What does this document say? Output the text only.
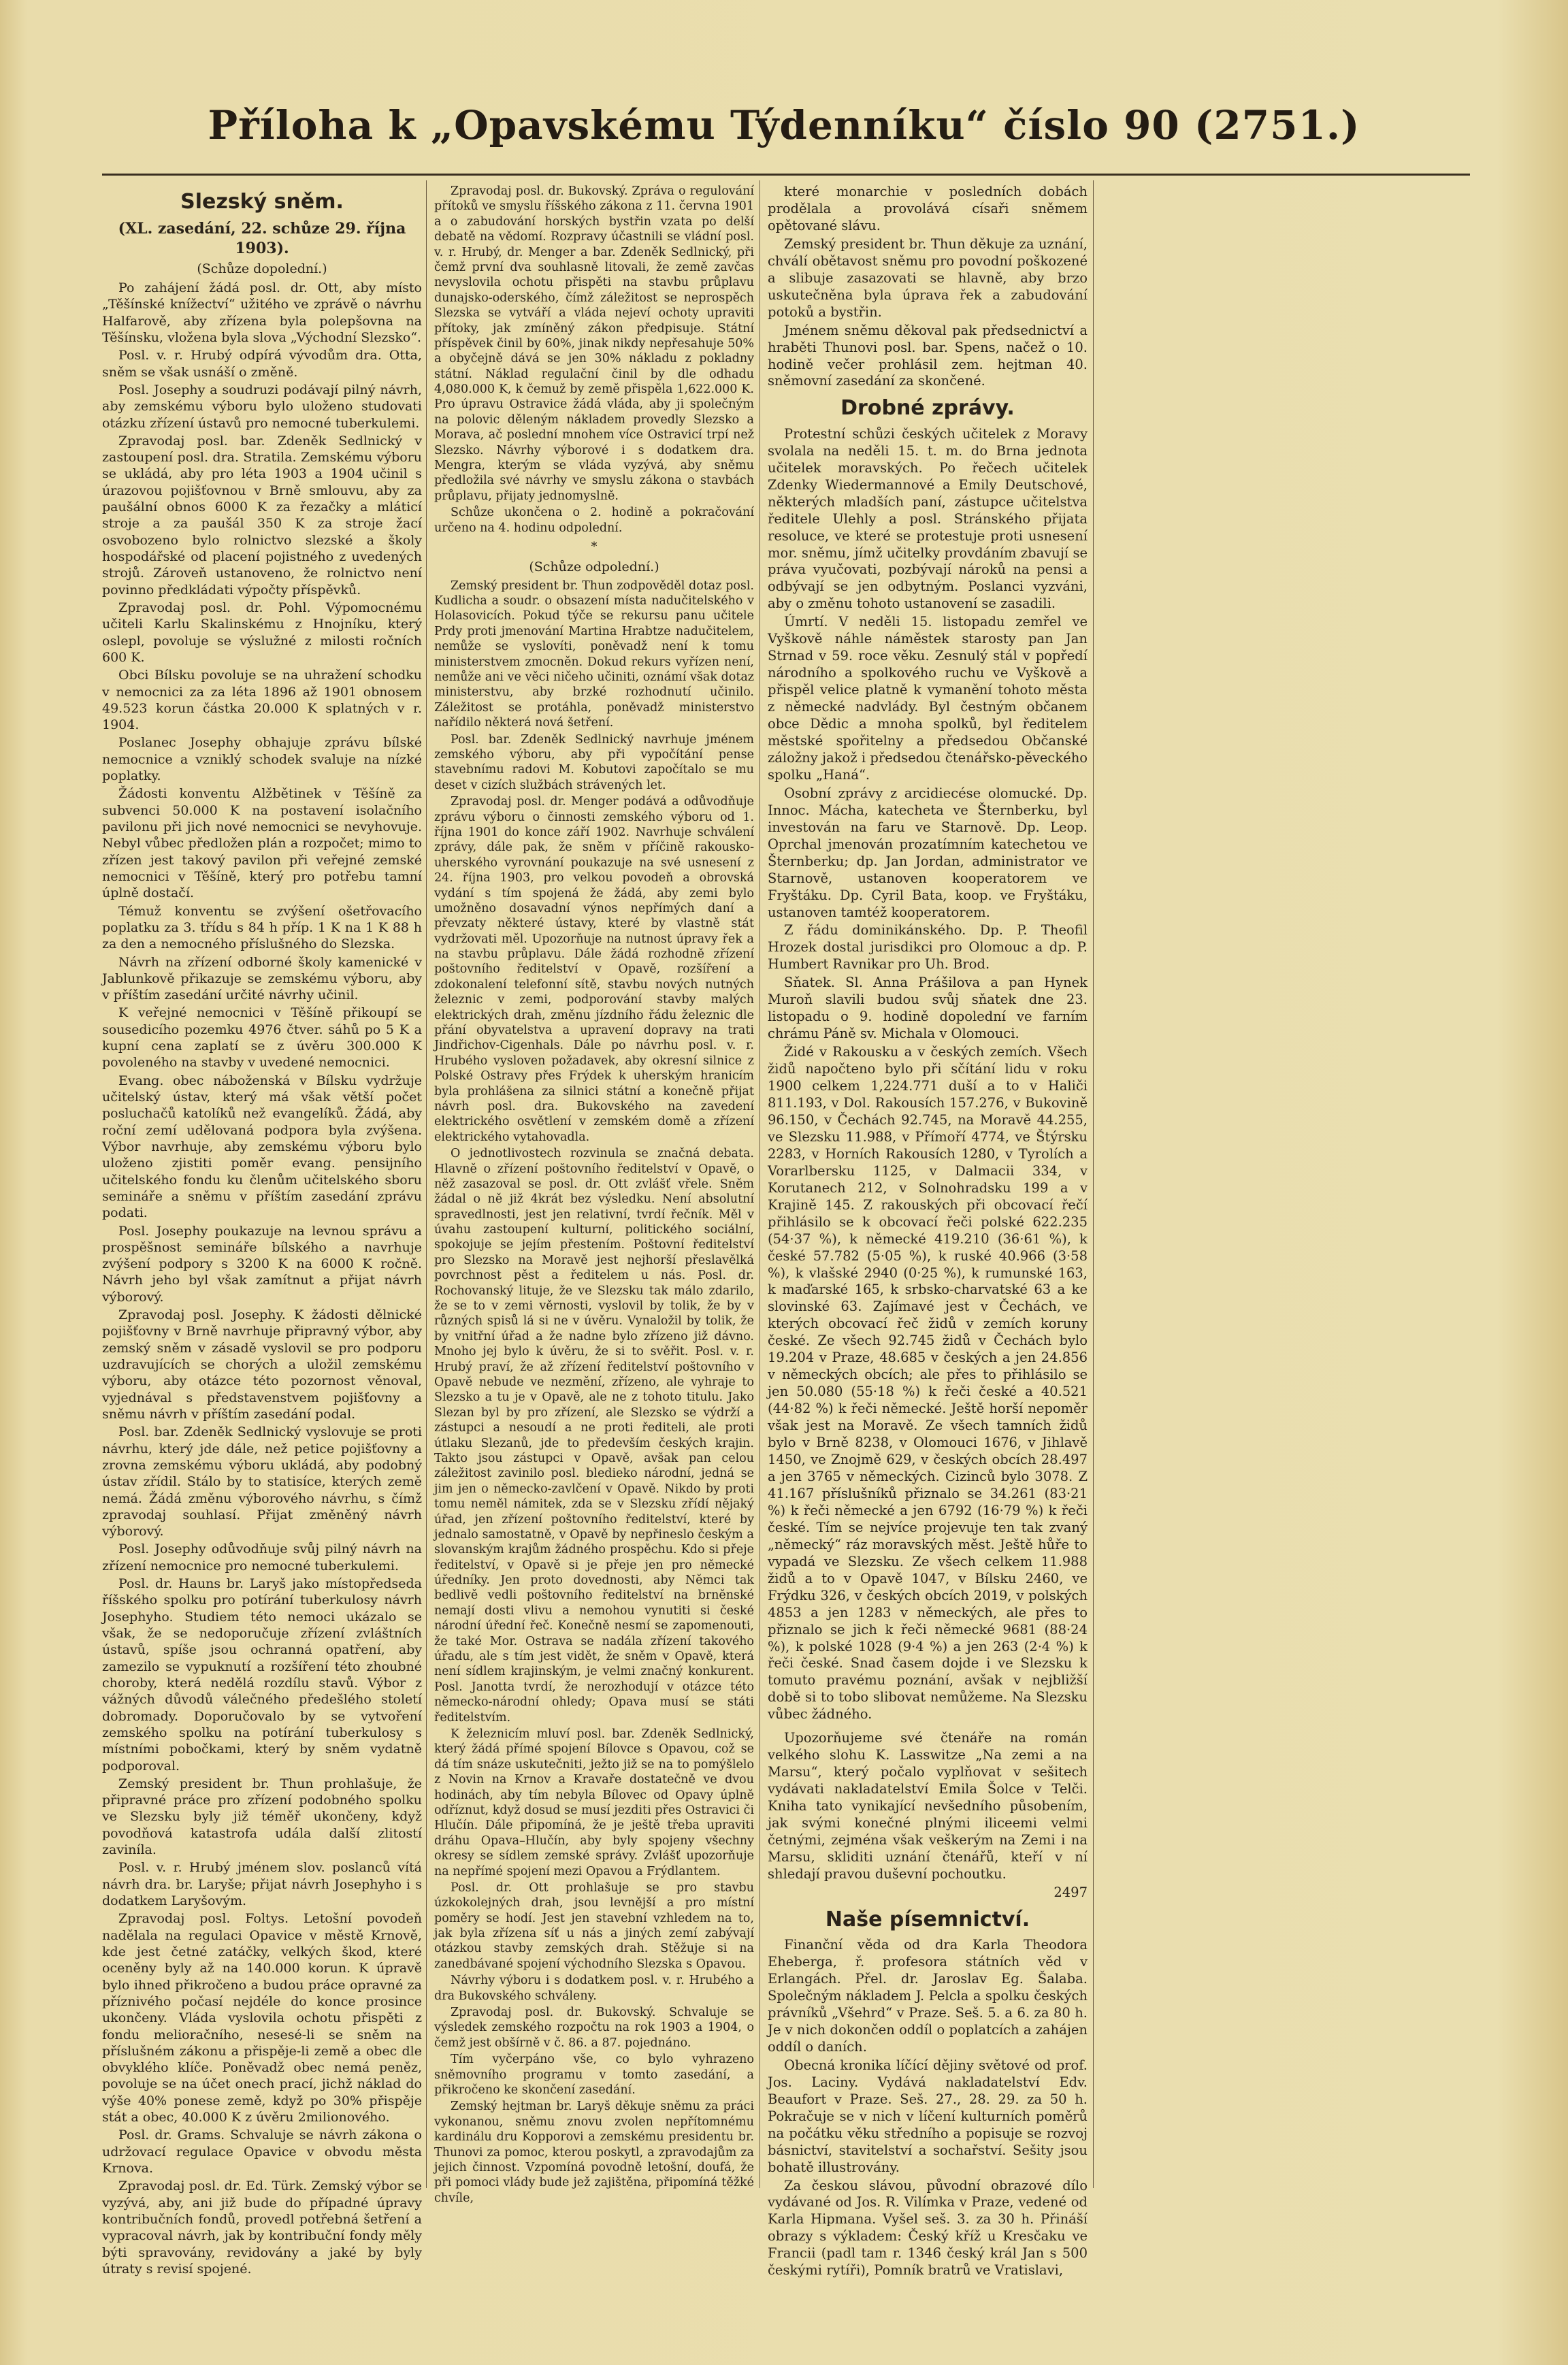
Příloha k „Opavskému Týdenníku“ číslo 90 (2751.)
Slezský sněm.
(XL. zasedání, 22. schůze 29. října 1903).
(Schůze dopolední.)

Po zahájení žádá posl. dr. Ott, aby místo „Těšínské knížectví“ užitého ve zprávě o návrhu Halfarově, aby zřízena byla polepšovna na Těšínsku, vložena byla slova „Východní Slezsko“.

Posl. v. r. Hrubý odpírá vývodům dra. Otta, sněm se však usnáší o změně.

Posl. Josephy a soudruzi podávají pilný návrh, aby zemskému výboru bylo uloženo studovati otázku zřízení ústavů pro nemocné tuberkulemi.

Zpravodaj posl. bar. Zdeněk Sedlnický v zastoupení posl. dra. Stratila. Zemskému výboru se ukládá, aby pro léta 1903 a 1904 učinil s úrazovou pojišťovnou v Brně smlouvu, aby za paušální obnos 6000 K za řezačky a mláticí stroje a za paušál 350 K za stroje žací osvobozeno bylo rolnictvo slezské a školy hospodářské od placení pojistného z uvedených strojů. Zároveň ustanoveno, že rolnictvo není povinno předkládati výpočty příspěvků.

Zpravodaj posl. dr. Pohl. Výpomocnému učiteli Karlu Skalinskému z Hnojníku, který oslepl, povoluje se výslužné z milosti ročních 600 K.

Obci Bílsku povoluje se na uhražení schodku v nemocnici za za léta 1896 až 1901 obnosem 49.523 korun částka 20.000 K splatných v r. 1904.

Poslanec Josephy obhajuje zprávu bílské nemocnice a vzniklý schodek svaluje na nízké poplatky.

Žádosti konventu Alžbětinek v Těšíně za subvenci 50.000 K na postavení isolačního pavilonu při jich nové nemocnici se nevyhovuje. Nebyl vůbec předložen plán a rozpočet; mimo to zřízen jest takový pavilon při veřejné zemské nemocnici v Těšíně, který pro potřebu tamní úplně dostačí.

Témuž konventu se zvýšení ošetřovacího poplatku za 3. třídu s 84 h příp. 1 K na 1 K 88 h za den a nemocného příslušného do Slezska.

Návrh na zřízení odborné školy kamenické v Jablunkově přikazuje se zemskému výboru, aby v příštím zasedání určité návrhy učinil.

K veřejné nemocnici v Těšíně přikoupí se sousedicího pozemku 4976 čtver. sáhů po 5 K a kupní cena zaplatí se z úvěru 300.000 K povoleného na stavby v uvedené nemocnici.

Evang. obec náboženská v Bílsku vydržuje učitelský ústav, který má však větší počet posluchačů katolíků než evangelíků. Žádá, aby roční zemí udělovaná podpora byla zvýšena. Výbor navrhuje, aby zemskému výboru bylo uloženo zjistiti poměr evang. pensijního učitelského fondu ku členům učitelského sboru semináře a sněmu v příštím zasedání zprávu podati.

Posl. Josephy poukazuje na levnou správu a prospěšnost semináře bílského a navrhuje zvýšení podpory s 3200 K na 6000 K ročně. Návrh jeho byl však zamítnut a přijat návrh výborový.

Zpravodaj posl. Josephy. K žádosti dělnické pojišťovny v Brně navrhuje připravný výbor, aby zemský sněm v zásadě vyslovil se pro podporu uzdravujících se chorých a uložil zemskému výboru, aby otázce této pozornost věnoval, vyjednával s představenstvem pojišťovny a sněmu návrh v příštím zasedání podal.

Posl. bar. Zdeněk Sedlnický vyslovuje se proti návrhu, který jde dále, než petice pojišťovny a zrovna zemskému výboru ukládá, aby podobný ústav zřídil. Stálo by to statisíce, kterých země nemá. Žádá změnu výborového návrhu, s čímž zpravodaj souhlasí. Přijat změněný návrh výborový.

Posl. Josephy odůvodňuje svůj pilný návrh na zřízení nemocnice pro nemocné tuberkulemi.

Posl. dr. Hauns br. Laryš jako místopředseda říšského spolku pro potírání tuberkulosy návrh Josephyho. Studiem této nemoci ukázalo se však, že se nedoporučuje zřízení zvláštních ústavů, spíše jsou ochranná opatření, aby zamezilo se vypuknutí a rozšíření této zhoubné choroby, která nedělá rozdílu stavů. Výbor z vážných důvodů válečného předešlého století dobromady. Doporučovalo by se vytvoření zemského spolku na potírání tuberkulosy s místními pobočkami, který by sněm vydatně podporoval.

Zemský president br. Thun prohlašuje, že připravné práce pro zřízení podobného spolku ve Slezsku byly již téměř ukončeny, když povodňová katastrofa udála další zlitostí zaviníla.

Posl. v. r. Hrubý jménem slov. poslanců vítá návrh dra. br. Laryše; přijat návrh Josephyho i s dodatkem Laryšovým.

Zpravodaj posl. Foltys. Letošní povodeň nadělala na regulaci Opavice v městě Krnově, kde jest četné zatáčky, velkých škod, které oceněny byly až na 140.000 korun. K úpravě bylo ihned přikročeno a budou práce opravné za příznivého počasí nejdéle do konce prosince ukončeny. Vláda vyslovila ochotu přispěti z fondu melioračního, nesesé-li se sněm na příslušném zákonu a přispěje-li země a obec dle obvyklého klíče. Poněvadž obec nemá peněz, povoluje se na účet onech prací, jichž náklad do výše 40% ponese země, když po 30% přispěje stát a obec, 40.000 K z úvěru 2milionového.

Posl. dr. Grams. Schvaluje se návrh zákona o udržovací regulace Opavice v obvodu města Krnova.

Zpravodaj posl. dr. Ed. Türk. Zemský výbor se vyzývá, aby, ani již bude do případné úpravy kontribučních fondů, provedl potřebná šetření a vypracoval návrh, jak by kontribuční fondy měly býti spravovány, revidovány a jaké by byly útraty s revisí spojené.

Zpravodaj posl. dr. Bukovský. Zpráva o regulování přítoků ve smyslu říšského zákona z 11. června 1901 a o zabudování horských bystřin vzata po delší debatě na vědomí. Rozpravy účastnili se vládní posl. v. r. Hrubý, dr. Menger a bar. Zdeněk Sedlnický, při čemž první dva souhlasně litovali, že země zavčas nevyslovila ochotu přispěti na stavbu průplavu dunajsko-oderského, čímž záležitost se neprospěch Slezska se vytváří a vláda nejeví ochoty upraviti přítoky, jak zmíněný zákon předpisuje. Státní příspěvek činil by 60%, jinak nikdy nepřesahuje 50% a obyčejně dává se jen 30% nákladu z pokladny státní. Náklad regulační činil by dle odhadu 4,080.000 K, k čemuž by země přispěla 1,622.000 K. Pro úpravu Ostravice žádá vláda, aby ji společným na polovic děleným nákladem provedly Slezsko a Morava, ač poslední mnohem více Ostravicí trpí než Slezsko. Návrhy výborové i s dodatkem dra. Mengra, kterým se vláda vyzývá, aby sněmu předložila své návrhy ve smyslu zákona o stavbách průplavu, přijaty jednomyslně.

Schůze ukončena o 2. hodině a pokračování určeno na 4. hodinu odpolední.

*
(Schůze odpolední.)

Zemský president br. Thun zodpověděl dotaz posl. Kudlicha a soudr. o obsazení místa nadučitelského v Holasovicích. Pokud týče se rekursu panu učitele Prdy proti jmenování Martina Hrabtze nadučitelem, nemůže se vyslovíti, poněvadž není k tomu ministerstvem zmocněn. Dokud rekurs vyřízen není, nemůže ani ve věci ničeho učiniti, oznámí však dotaz ministerstvu, aby brzké rozhodnutí učinilo. Záležitost se protáhla, poněvadž ministerstvo nařídilo některá nová šetření.

Posl. bar. Zdeněk Sedlnický navrhuje jménem zemského výboru, aby při vypočítání pense stavebnímu radovi M. Kobutovi započítalo se mu deset v cizích službách strávených let.

Zpravodaj posl. dr. Menger podává a odůvodňuje zprávu výboru o činnosti zemského výboru od 1. října 1901 do konce září 1902. Navrhuje schválení zprávy, dále pak, že sněm v příčině rakousko-uherského vyrovnání poukazuje na své usnesení z 24. října 1903, pro velkou povodeň a obrovská vydání s tím spojená že žádá, aby zemi bylo umožněno dosavadní výnos nepřímých daní a převzaty některé ústavy, které by vlastně stát vydržovati měl. Upozorňuje na nutnost úpravy řek a na stavbu průplavu. Dále žádá rozhodně zřízení poštovního ředitelství v Opavě, rozšíření a zdokonalení telefonní sítě, stavbu nových nutných železnic v zemi, podporování stavby malých elektrických drah, změnu jízdního řádu železnic dle přání obyvatelstva a upravení dopravy na trati Jindřichov-Cigenhals. Dále po návrhu posl. v. r. Hrubého vysloven požadavek, aby okresní silnice z Polské Ostravy přes Frýdek k uherským hranicím byla prohlášena za silnici státní a konečně přijat návrh posl. dra. Bukovského na zavedení elektrického osvětlení v zemském domě a zřízení elektrického vytahovadla.

O jednotlivostech rozvinula se značná debata. Hlavně o zřízení poštovního ředitelství v Opavě, o něž zasazoval se posl. dr. Ott zvlášť vřele. Sněm žádal o ně již 4krát bez výsledku. Není absolutní spravedlnosti, jest jen relativní, tvrdí řečník. Měl v úvahu zastoupení kulturní, politického sociální, spokojuje se jejím přestením. Poštovní ředitelství pro Slezsko na Moravě jest nejhorší přeslavělká povrchnost pěst a ředitelem u nás. Posl. dr. Rochovanský lituje, že ve Slezsku tak málo zdarilo, že se to v zemi věrnosti, vyslovil by tolik, že by v různých spisů lá si ne v úvěru. Vynaložil by tolik, že by vnitřní úřad a že nadne bylo zřízeno již dávno. Mnoho jej bylo k úvěru, že si to svěřit. Posl. v. r. Hrubý praví, že až zřízení ředitelství poštovního v Opavě nebude ve nezmění, zřízeno, ale vyhraje to Slezsko a tu je v Opavě, ale ne z tohoto titulu. Jako Slezan byl by pro zřízení, ale Slezsko se výdrží a zástupci a nesoudí a ne proti řediteli, ale proti útlaku Slezanů, jde to především českých krajin. Takto jsou zástupci v Opavě, avšak pan celou záležitost zavinilo posl. bledieko národní, jedná se jim jen o německo-zavlčení v Opavě. Nikdo by proti tomu neměl námitek, zda se v Slezsku zřídí nějaký úřad, jen zřízení poštovního ředitelství, které by jednalo samostatně, v Opavě by nepřineslo českým a slovanským krajům žádného prospěchu. Kdo si přeje ředitelství, v Opavě si je přeje jen pro německé úředníky. Jen proto dovednosti, aby Němci tak bedlivě vedli poštovního ředitelství na brněnské nemají dosti vlivu a nemohou vynutiti si české národní úřední řeč. Konečně nesmí se zapomenouti, že také Mor. Ostrava se nadála zřízení takového úřadu, ale s tím jest vidět, že sněm v Opavě, která není sídlem krajinským, je velmi značný konkurent. Posl. Janotta tvrdí, že nerozhodují v otázce této německo-národní ohledy; Opava musí se státi ředitelstvím.

K železnicím mluví posl. bar. Zdeněk Sedlnický, který žádá přímé spojení Bílovce s Opavou, což se dá tím snáze uskutečniti, ježto již se na to pomýšlelo z Novin na Krnov a Kravaře dostatečně ve dvou hodinách, aby tím nebyla Bílovec od Opavy úplně odříznut, když dosud se musí jezditi přes Ostravici či Hlučín. Dále připomíná, že je ještě třeba upraviti dráhu Opava–Hlučín, aby byly spojeny všechny okresy se sídlem zemské správy. Zvlášť upozorňuje na nepřímé spojení mezi Opavou a Frýdlantem.

Posl. dr. Ott prohlašuje se pro stavbu úzkokolejných drah, jsou levnější a pro místní poměry se hodí. Jest jen stavební vzhledem na to, jak byla zřízena síť u nás a jiných zemí zabývají otázkou stavby zemských drah. Stěžuje si na zanedbávané spojení východního Slezska s Opavou.

Návrhy výboru i s dodatkem posl. v. r. Hrubého a dra Bukovského schváleny.

Zpravodaj posl. dr. Bukovský. Schvaluje se výsledek zemského rozpočtu na rok 1903 a 1904, o čemž jest obšírně v č. 86. a 87. pojednáno.

Tím vyčerpáno vše, co bylo vyhrazeno sněmovního programu v tomto zasedání, a přikročeno ke skončení zasedání.

Zemský hejtman br. Laryš děkuje sněmu za práci vykonanou, sněmu znovu zvolen nepřítomnému kardinálu dru Kopporovi a zemskému presidentu br. Thunovi za pomoc, kterou poskytl, a zpravodajům za jejich činnost. Vzpomíná povodně letošní, doufá, že při pomoci vlády bude jež zajištěna, připomíná těžké chvíle,

které monarchie v posledních dobách prodělala a provolává císaři sněmem opětované slávu.

Zemský president br. Thun děkuje za uznání, chválí obětavost sněmu pro povodní poškozené a slibuje zasazovati se hlavně, aby brzo uskutečněna byla úprava řek a zabudování potoků a bystřin.

Jménem sněmu děkoval pak předsednictví a hraběti Thunovi posl. bar. Spens, načež o 10. hodině večer prohlásil zem. hejtman 40. sněmovní zasedání za skončené.

Drobné zprávy.

Protestní schůzi českých učitelek z Moravy svolala na neděli 15. t. m. do Brna jednota učitelek moravských. Po řečech učitelek Zdenky Wiedermannové a Emily Deutschové, některých mladších paní, zástupce učitelstva ředitele Ulehly a posl. Stránského přijata resoluce, ve které se protestuje proti usnesení mor. sněmu, jímž učitelky provdáním zbavují se práva vyučovati, pozbývají nároků na pensi a odbývají se jen odbytným. Poslanci vyzváni, aby o změnu tohoto ustanovení se zasadili.

Úmrtí. V neděli 15. listopadu zemřel ve Vyškově náhle náměstek starosty pan Jan Strnad v 59. roce věku. Zesnulý stál v popředí národního a spolkového ruchu ve Vyškově a přispěl velice platně k vymanění tohoto města z německé nadvlády. Byl čestným občanem obce Dědic a mnoha spolků, byl ředitelem městské spořitelny a předsedou Občanské záložny jakož i předsedou čtenářsko-pěveckého spolku „Haná“.

Osobní zprávy z arcidiecése olomucké. Dp. Innoc. Mácha, katecheta ve Šternberku, byl investován na faru ve Starnově. Dp. Leop. Oprchal jmenován prozatímním katechetou ve Šternberku; dp. Jan Jordan, administrator ve Starnově, ustanoven kooperatorem ve Fryštáku. Dp. Cyril Bata, koop. ve Fryštáku, ustanoven tamtéž kooperatorem.

Z řádu dominikánského. Dp. P. Theofil Hrozek dostal jurisdikci pro Olomouc a dp. P. Humbert Ravnikar pro Uh. Brod.

Sňatek. Sl. Anna Prášilova a pan Hynek Muroň slavili budou svůj sňatek dne 23. listopadu o 9. hodině dopolední ve farním chrámu Páně sv. Michala v Olomouci.

Židé v Rakousku a v českých zemích. Všech židů napočteno bylo při sčítání lidu v roku 1900 celkem 1,224.771 duší a to v Haliči 811.193, v Dol. Rakousích 157.276, v Bukovině 96.150, v Čechách 92.745, na Moravě 44.255, ve Slezsku 11.988, v Přímoří 4774, ve Štýrsku 2283, v Horních Rakousích 1280, v Tyrolích a Vorarlbersku 1125, v Dalmacii 334, v Korutanech 212, v Solnohradsku 199 a v Krajině 145. Z rakouských při obcovací řečí přihlásilo se k obcovací řeči polské 622.235 (54·37 %), k německé 419.210 (36·61 %), k české 57.782 (5·05 %), k ruské 40.966 (3·58 %), k vlašské 2940 (0·25 %), k rumunské 163, k maďarské 165, k srbsko-charvatské 63 a ke slovinské 63. Zajímavé jest v Čechách, ve kterých obcovací řeč židů v zemích koruny české. Ze všech 92.745 židů v Čechách bylo 19.204 v Praze, 48.685 v českých a jen 24.856 v německých obcích; ale přes to přihlásilo se jen 50.080 (55·18 %) k řeči české a 40.521 (44·82 %) k řeči německé. Ještě horší nepoměr však jest na Moravě. Ze všech tamních židů bylo v Brně 8238, v Olomouci 1676, v Jihlavě 1450, ve Znojmě 629, v českých obcích 28.497 a jen 3765 v německých. Cizinců bylo 3078. Z 41.167 příslušníků přiznalo se 34.261 (83·21 %) k řeči německé a jen 6792 (16·79 %) k řeči české. Tím se nejvíce projevuje ten tak zvaný „německý“ ráz moravských měst. Ještě hůře to vypadá ve Slezsku. Ze všech celkem 11.988 židů a to v Opavě 1047, v Bílsku 2460, ve Frýdku 326, v českých obcích 2019, v polských 4853 a jen 1283 v německých, ale přes to přiznalo se jich k řeči německé 9681 (88·24 %), k polské 1028 (9·4 %) a jen 263 (2·4 %) k řeči české. Snad časem dojde i ve Slezsku k tomuto pravému poznání, avšak v nejbližší době si to tobo slibovat nemůžeme. Na Slezsku vůbec žádného.

Upozorňujeme své čtenáře na román velkého slohu K. Lasswitze „Na zemi a na Marsu“, který počalo vyplňovat v sešitech vydávati nakladatelství Emila Šolce v Telči. Kniha tato vynikající nevšedního působením, jak svými konečné plnými iliceemi velmi četnými, zejména však veškerým na Zemi i na Marsu, skliditi uznání čtenářů, kteří v ní shledají pravou duševní pochoutku.

2497
Naše písemnictví.

Finanční věda od dra Karla Theodora Eheberga, ř. profesora státních věd v Erlangách. Přel. dr. Jaroslav Eg. Šalaba. Společným nákladem J. Pelcla a spolku českých právníků „Všehrd“ v Praze. Seš. 5. a 6. za 80 h. Je v nich dokončen oddíl o poplatcích a zahájen oddíl o daních.

Obecná kronika líčící dějiny světové od prof. Jos. Laciny. Vydává nakladatelství Edv. Beaufort v Praze. Seš. 27., 28. 29. za 50 h. Pokračuje se v nich v líčení kulturních poměrů na počátku věku středního a popisuje se rozvoj básnictví, stavitelství a sochařství. Sešity jsou bohatě illustrovány.

Za českou slávou, původní obrazové dílo vydávané od Jos. R. Vilímka v Praze, vedené od Karla Hipmana. Vyšel seš. 3. za 30 h. Přináší obrazy s výkladem: Český kříž u Kresčaku ve Francii (padl tam r. 1346 český král Jan s 500 českými rytíři), Pomník bratrů ve Vratislavi,
